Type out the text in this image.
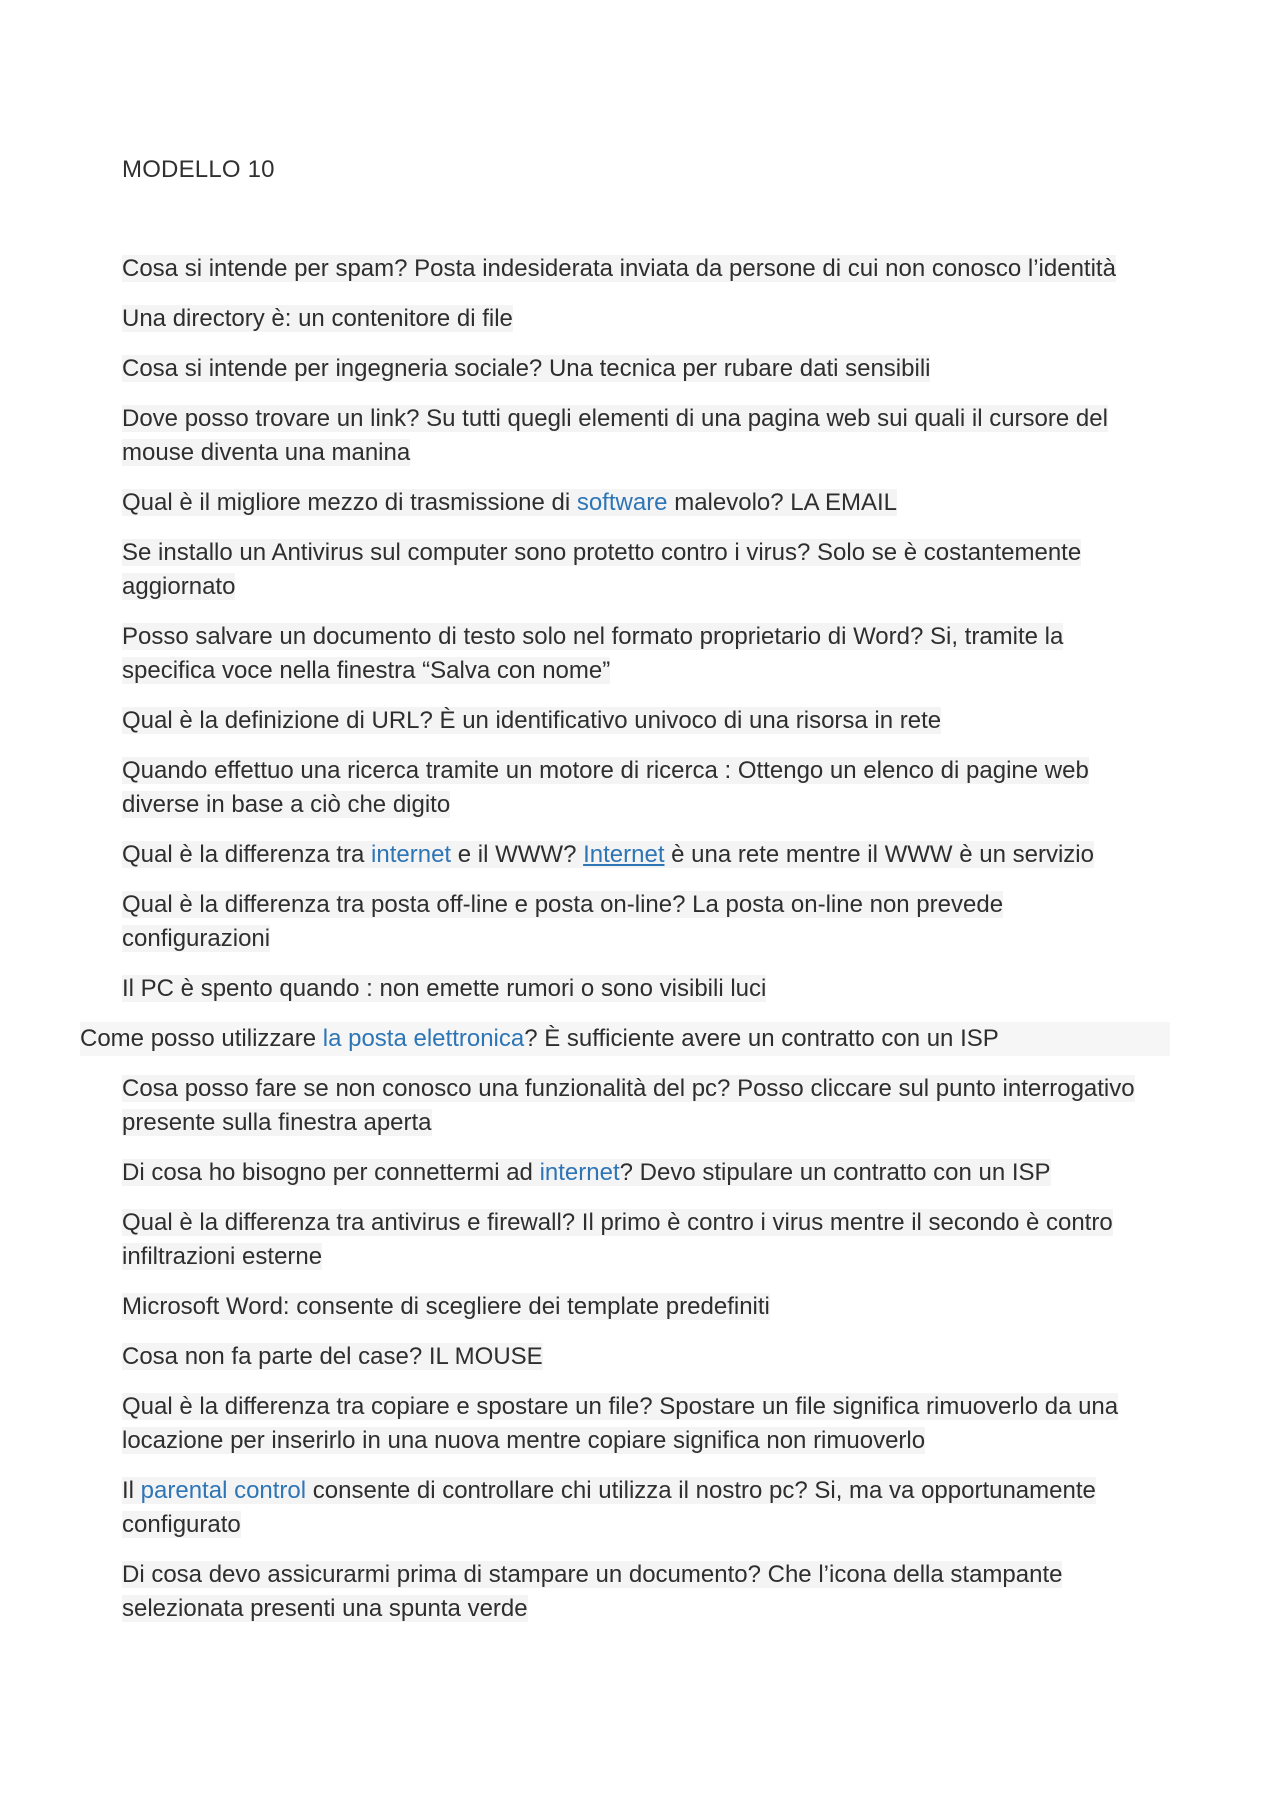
MODELLO 10
Cosa si intende per spam? Posta indesiderata inviata da persone di cui non conosco l’identità
Una directory è: un contenitore di file
Cosa si intende per ingegneria sociale? Una tecnica per rubare dati sensibili
Dove posso trovare un link? Su tutti quegli elementi di una pagina web sui quali il cursore del mouse diventa una manina
Qual è il migliore mezzo di trasmissione di software malevolo? LA EMAIL
Se installo un Antivirus sul computer sono protetto contro i virus? Solo se è costantemente aggiornato
Posso salvare un documento di testo solo nel formato proprietario di Word? Si, tramite la specifica voce nella finestra “Salva con nome”
Qual è la definizione di URL? È un identificativo univoco di una risorsa in rete
Quando effettuo una ricerca tramite un motore di ricerca : Ottengo un elenco di pagine web diverse in base a ciò che digito
Qual è la differenza tra internet e il WWW? Internet è una rete mentre il WWW è un servizio
Qual è la differenza tra posta off-line e posta on-line? La posta on-line non prevede configurazioni
Il PC è spento quando : non emette rumori o sono visibili luci
Come posso utilizzare la posta elettronica? È sufficiente avere un contratto con un ISP
Cosa posso fare se non conosco una funzionalità del pc? Posso cliccare sul punto interrogativo presente sulla finestra aperta
Di cosa ho bisogno per connettermi ad internet? Devo stipulare un contratto con un ISP
Qual è la differenza tra antivirus e firewall? Il primo è contro i virus mentre il secondo è contro infiltrazioni esterne
Microsoft Word: consente di scegliere dei template predefiniti
Cosa non fa parte del case? IL MOUSE
Qual è la differenza tra copiare e spostare un file? Spostare un file significa rimuoverlo da una locazione per inserirlo in una nuova mentre copiare significa non rimuoverlo
Il parental control consente di controllare chi utilizza il nostro pc? Si, ma va opportunamente configurato
Di cosa devo assicurarmi prima di stampare un documento? Che l’icona della stampante selezionata presenti una spunta verde
